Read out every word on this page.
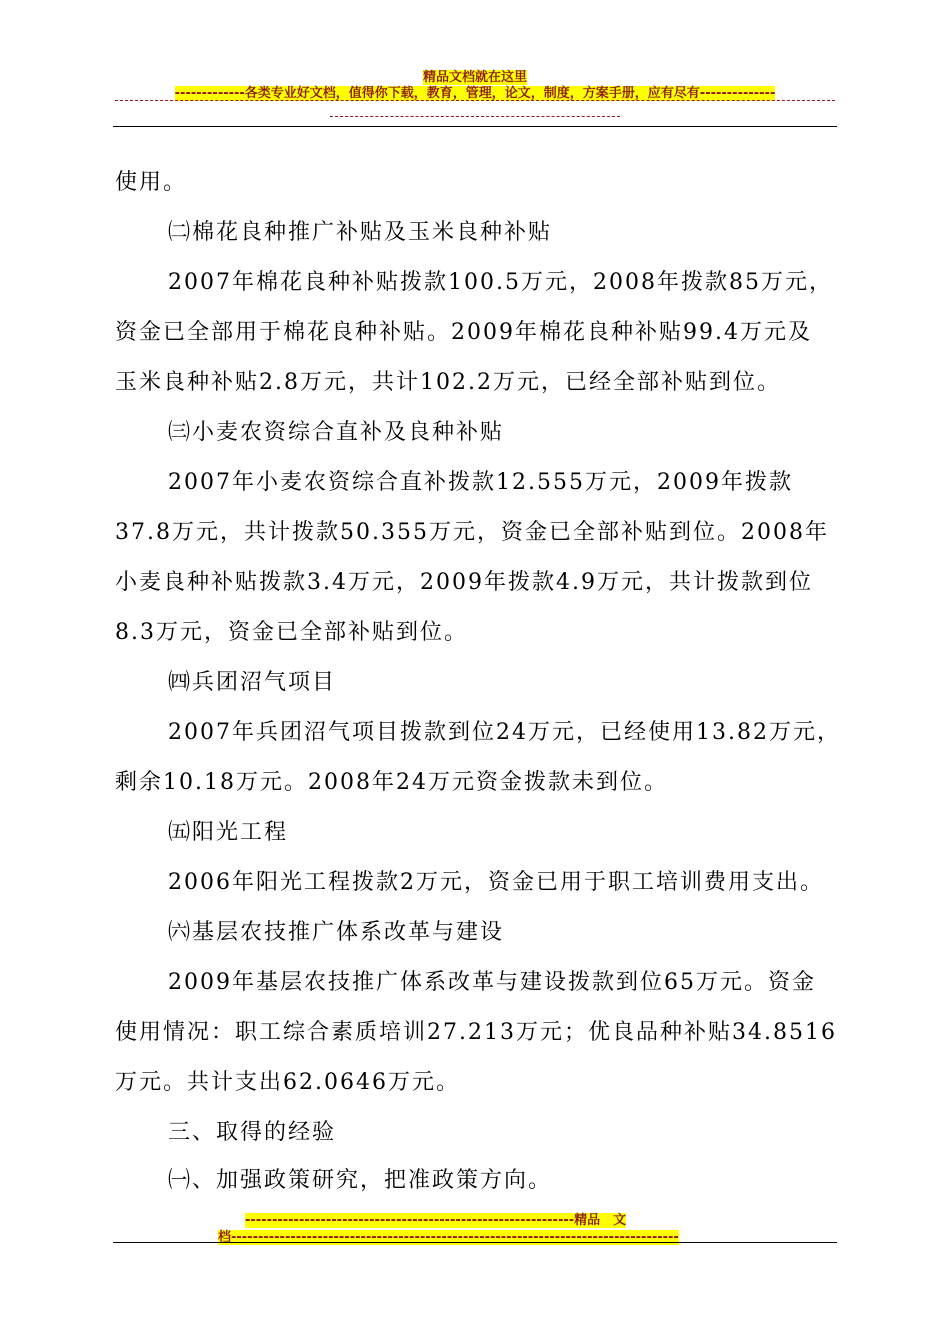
精品文档就在这里
-------------各类专业好文档，值得你下载，教育，管理，论文，制度，方案手册，应有尽有--------------
使用。
㈡棉花良种推广补贴及玉米良种补贴
2007年棉花良种补贴拨款100.5万元，2008年拨款85万元，
资金已全部用于棉花良种补贴。2009年棉花良种补贴99.4万元及
玉米良种补贴2.8万元，共计102.2万元，已经全部补贴到位。
㈢小麦农资综合直补及良种补贴
2007年小麦农资综合直补拨款12.555万元，2009年拨款
37.8万元，共计拨款50.355万元，资金已全部补贴到位。2008年
小麦良种补贴拨款3.4万元，2009年拨款4.9万元，共计拨款到位
8.3万元，资金已全部补贴到位。
㈣兵团沼气项目
2007年兵团沼气项目拨款到位24万元，已经使用13.82万元，
剩余10.18万元。2008年24万元资金拨款未到位。
㈤阳光工程
2006年阳光工程拨款2万元，资金已用于职工培训费用支出。
㈥基层农技推广体系改革与建设
2009年基层农技推广体系改革与建设拨款到位65万元。资金
使用情况：职工综合素质培训27.213万元；优良品种补贴34.8516
万元。共计支出62.0646万元。
三、取得的经验
㈠、加强政策研究，把准政策方向。
-------------------------------------------------------------精品　文
档-----------------------------------------------------------------------------------
